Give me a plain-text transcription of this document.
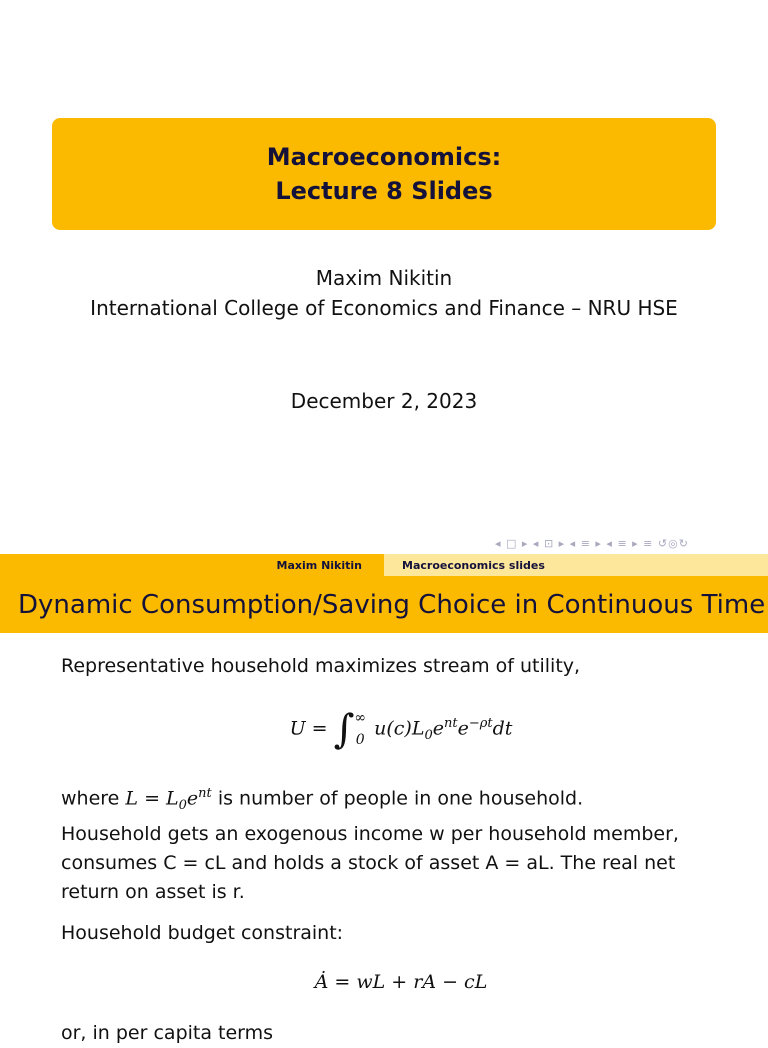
Macroeconomics:
Lecture 8 Slides
Maxim Nikitin
International College of Economics and Finance – NRU HSE
December 2, 2023
◂ □ ▸ ◂ ⊡ ▸ ◂ ≡ ▸ ◂ ≡ ▸ ≡ ↺◎↻
Maxim Nikitin	Macroeconomics slides
Dynamic Consumption/Saving Choice in Continuous Time

Representative household maximizes stream of utility,

U = ∫ ∞
0
$u(c)L_0e^{nt}e^{-\rho t}dt$

where $L = L_0e^{nt}$ is number of people in one household.

Household gets an exogenous income w per household member,

consumes C = cL and holds a stock of asset A = aL. The real net

return on asset is r.

Household budget constraint:

Ȧ = wL + rA − cL

or, in per capita terms
